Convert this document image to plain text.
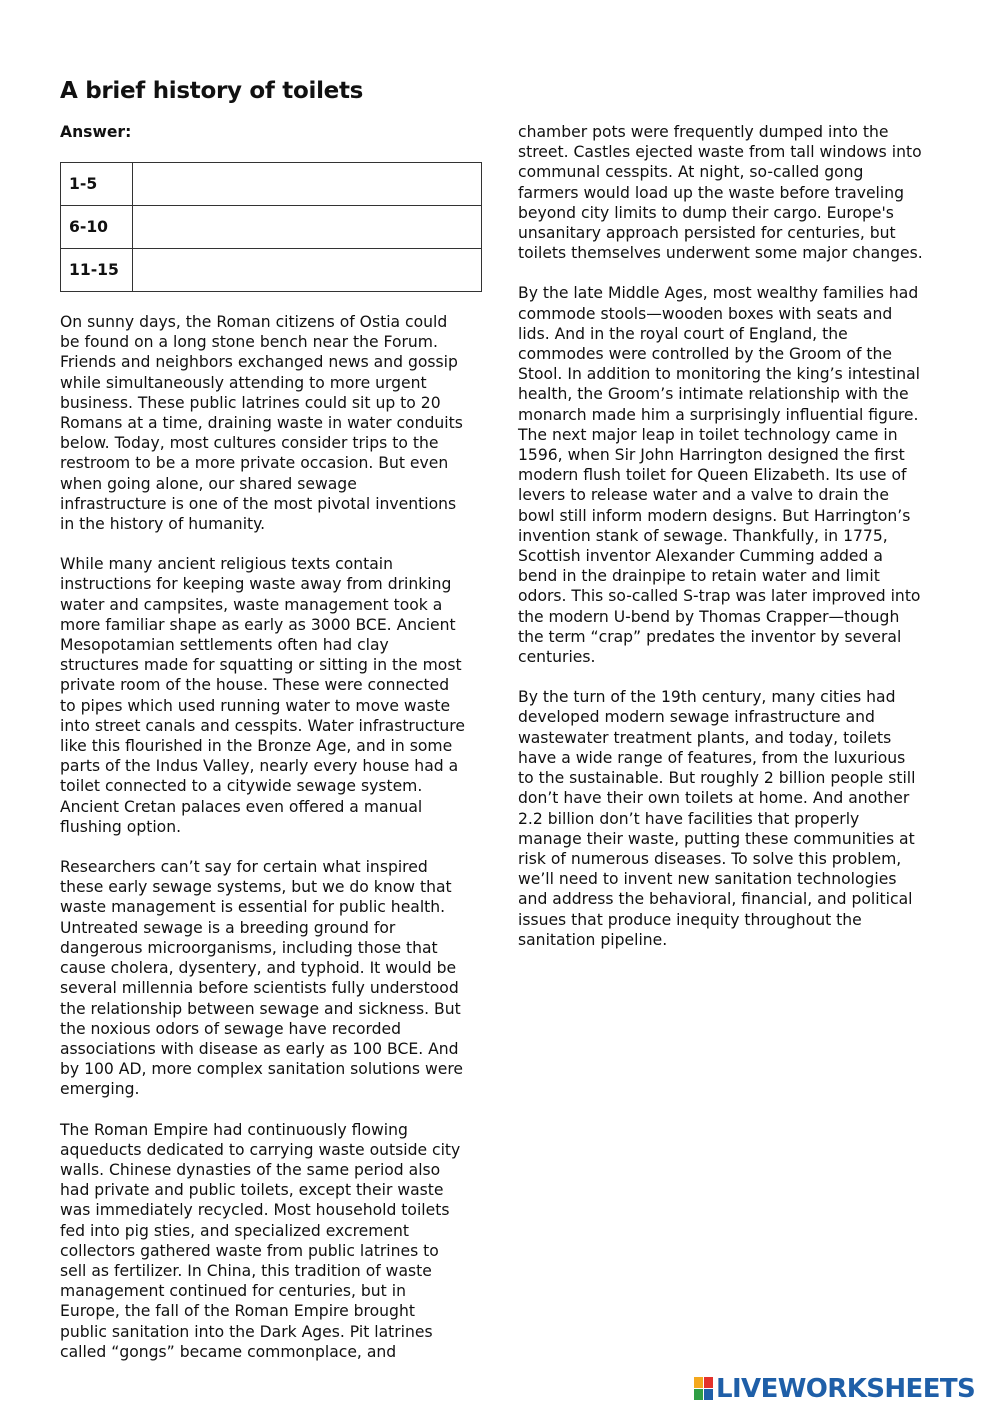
A brief history of toilets

Answer:

1-5	
6-10	
11-15	

On sunny days, the Roman citizens of Ostia could
be found on a long stone bench near the Forum.
Friends and neighbors exchanged news and gossip
while simultaneously attending to more urgent
business. These public latrines could sit up to 20
Romans at a time, draining waste in water conduits
below. Today, most cultures consider trips to the
restroom to be a more private occasion. But even
when going alone, our shared sewage
infrastructure is one of the most pivotal inventions
in the history of humanity.

While many ancient religious texts contain
instructions for keeping waste away from drinking
water and campsites, waste management took a
more familiar shape as early as 3000 BCE. Ancient
Mesopotamian settlements often had clay
structures made for squatting or sitting in the most
private room of the house. These were connected
to pipes which used running water to move waste
into street canals and cesspits. Water infrastructure
like this flourished in the Bronze Age, and in some
parts of the Indus Valley, nearly every house had a
toilet connected to a citywide sewage system.
Ancient Cretan palaces even offered a manual
flushing option.

Researchers can’t say for certain what inspired
these early sewage systems, but we do know that
waste management is essential for public health.
Untreated sewage is a breeding ground for
dangerous microorganisms, including those that
cause cholera, dysentery, and typhoid. It would be
several millennia before scientists fully understood
the relationship between sewage and sickness. But
the noxious odors of sewage have recorded
associations with disease as early as 100 BCE. And
by 100 AD, more complex sanitation solutions were
emerging.

The Roman Empire had continuously flowing
aqueducts dedicated to carrying waste outside city
walls. Chinese dynasties of the same period also
had private and public toilets, except their waste
was immediately recycled. Most household toilets
fed into pig sties, and specialized excrement
collectors gathered waste from public latrines to
sell as fertilizer. In China, this tradition of waste
management continued for centuries, but in
Europe, the fall of the Roman Empire brought
public sanitation into the Dark Ages. Pit latrines
called “gongs” became commonplace, and

chamber pots were frequently dumped into the
street. Castles ejected waste from tall windows into
communal cesspits. At night, so-called gong
farmers would load up the waste before traveling
beyond city limits to dump their cargo. Europe's
unsanitary approach persisted for centuries, but
toilets themselves underwent some major changes.

By the late Middle Ages, most wealthy families had
commode stools—wooden boxes with seats and
lids. And in the royal court of England, the
commodes were controlled by the Groom of the
Stool. In addition to monitoring the king’s intestinal
health, the Groom’s intimate relationship with the
monarch made him a surprisingly influential figure.
The next major leap in toilet technology came in
1596, when Sir John Harrington designed the first
modern flush toilet for Queen Elizabeth. Its use of
levers to release water and a valve to drain the
bowl still inform modern designs. But Harrington’s
invention stank of sewage. Thankfully, in 1775,
Scottish inventor Alexander Cumming added a
bend in the drainpipe to retain water and limit
odors. This so-called S-trap was later improved into
the modern U-bend by Thomas Crapper—though
the term “crap” predates the inventor by several
centuries.

By the turn of the 19th century, many cities had
developed modern sewage infrastructure and
wastewater treatment plants, and today, toilets
have a wide range of features, from the luxurious
to the sustainable. But roughly 2 billion people still
don’t have their own toilets at home. And another
2.2 billion don’t have facilities that properly
manage their waste, putting these communities at
risk of numerous diseases. To solve this problem,
we’ll need to invent new sanitation technologies
and address the behavioral, financial, and political
issues that produce inequity throughout the
sanitation pipeline.

LIVEWORKSHEETS
